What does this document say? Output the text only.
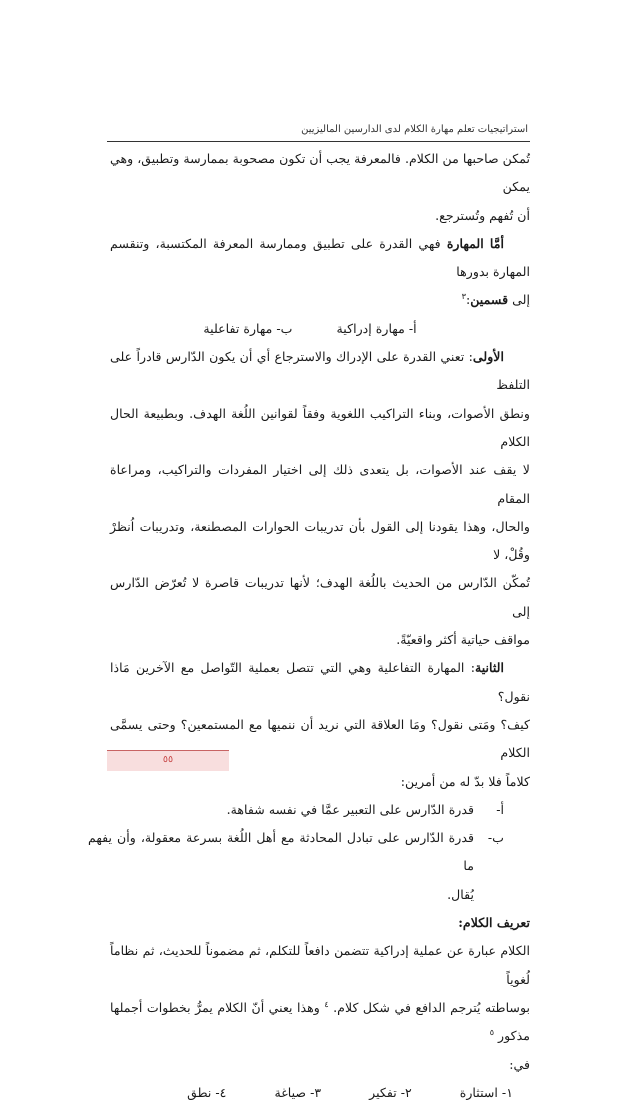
استراتيجيات تعلم مهارة الكلام لدى الدارسين الماليزيين

تُمكن صاحبها من الكلام. فالمعرفة يجب أن تكون مصحوبة بممارسة وتطبيق، وهي يمكن

أن تُفهم وتُسترجع.

أمَّا المهارة فهي القدرة على تطبيق وممارسة المعرفة المكتسبة، وتنقسم المهارة بدورها

إلى قسمين:$^٣$

أ- مهارة إدراكية
ب- مهارة تفاعلية

الأولى: تعني القدرة على الإدراك والاسترجاع أي أن يكون الدّارس قادراً على التلفظ

ونطق الأصوات، وبناء التراكيب اللغوية وفقاً لقوانين اللُغة الهدف. وبطبيعة الحال الكلام

لا يقف عند الأصوات، بل يتعدى ذلك إلى اختيار المفردات والتراكيب، ومراعاة المقام

والحال، وهذا يقودنا إلى القول بأن تدريبات الحوارات المصطنعة، وتدريبات اُنظرْ وقُلْ، لا

تُمكّن الدّارس من الحديث باللُغة الهدف؛ لأنها تدريبات قاصرة لا تُعرّض الدّارس إلى

مواقف حياتية أكثر واقعيّةً.

الثانية: المهارة التفاعلية وهي التي تتصل بعملية التّواصل مع الآخرين مَاذا نقول؟

كيف؟ ومَتى نقول؟ ومَا العلاقة التي نريد أن ننميها مع المستمعين؟ وحتى يسمَّى الكلام

كلاماً فلا بدّ له من أمرين:

أ-
قدرة الدّارس على التعبير عمَّا في نفسه شفاهة.
ب-
قدرة الدّارس على تبادل المحادثة مع أهل اللُغة بسرعة معقولة، وأن يفهم ما

يُقال.

تعريف الكلام:

الكلام عبارة عن عملية إدراكية تتضمن دافعاً للتكلم، ثم مضموناً للحديث، ثم نظاماً لُغوياً

بوساطته يُترجم الدافع في شكل كلام. $^٤$ وهذا يعني أنّ الكلام يمرُّ بخطوات أجملها مذكور $^٥$

في:

١- استثارة
٢- تفكير
٣- صياغة
٤- نطق
٥٥
